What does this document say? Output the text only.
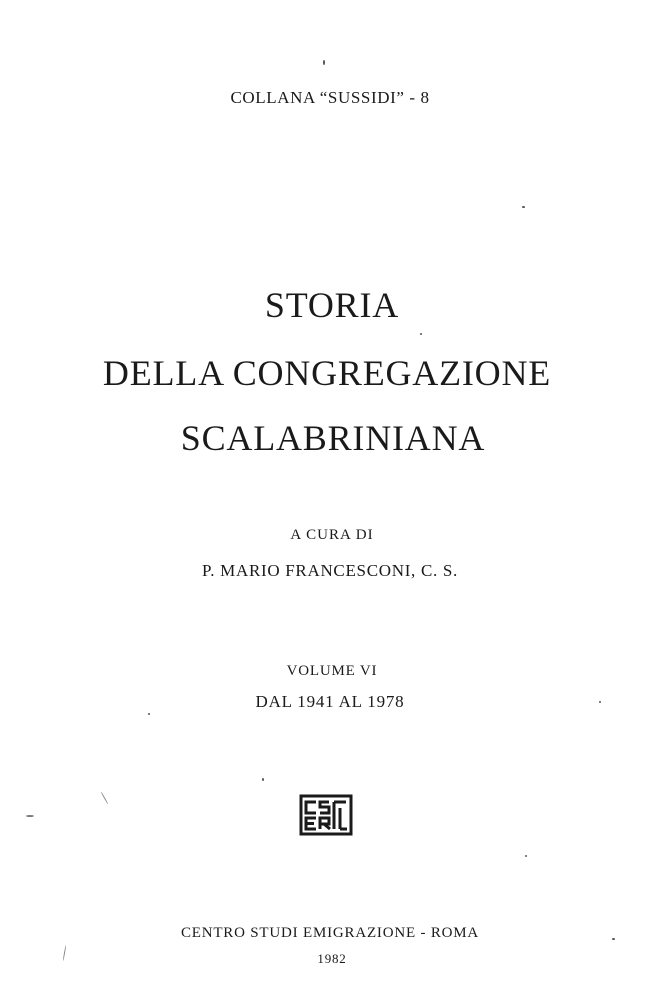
COLLANA “SUSSIDI” - 8
STORIA
DELLA CONGREGAZIONE
SCALABRINIANA
A CURA DI
P. MARIO FRANCESCONI, C. S.
VOLUME VI
DAL 1941 AL 1978
CENTRO STUDI EMIGRAZIONE - ROMA
1982
